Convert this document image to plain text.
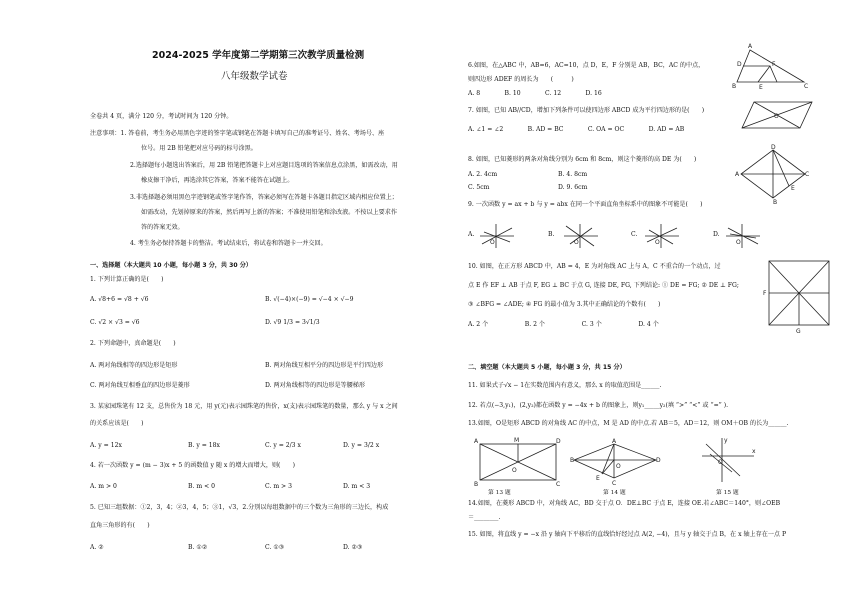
2024-2025 学年度第二学期第三次教学质量检测
八年级数学试卷
全卷共 4 页，满分 120 分，考试时间为 120 分钟。
注意事项：1. 答卷前，考生务必用黑色字迹的签字笔或钢笔在答题卡填写自己的准考证号、姓名、考场号、座
位号。用 2B 铅笔把对应号码的标号涂黑。
2.选择题每小题选出答案后，用 2B 铅笔把答题卡上对应题目选项的答案信息点涂黑，如需改动，用
橡皮擦干净后，再选涂其它答案，答案不能答在试题上。
3.非选择题必须用黑色字迹钢笔或签字笔作答，答案必须写在答题卡各题目指定区域内相应位置上；
如需改动，先划掉原来的答案，然后再写上新的答案；不准使用铅笔和涂改液。不按以上要求作
答的答案无效。
4. 考生务必保持答题卡的整洁。考试结束后，将试卷和答题卡一并交回。
一、选择题（本大题共 10 小题，每小题 3 分，共 30 分）
1. 下列计算正确的是(　　)
A. √8+6 = √8 + √6	B. √(−4)×(−9) = √−4 × √−9
C. √2 × √3 = √6	D. √9 1/3 = 3√1/3
2. 下列命题中，真命题是(　　)
A. 两对角线相等的四边形是矩形	B. 两对角线互相平分的四边形是平行四边形
C. 两对角线互相垂直的四边形是菱形	D. 两对角线相等的四边形是等腰梯形
3. 某家园珠笔有 12 支，总售价为 18 元，用 y(元)表示园珠笔的售价，x(支)表示园珠笔的数量，那么 y 与 x 之间
的关系应该是(　　)
A. y = 12x	B. y = 18x	C. y = 2/3 x	D. y = 3/2 x
4. 若一次函数 y = (m − 3)x + 5 的函数值 y 随 x 的增大而增大，则(　　)
A. m > 0	B. m < 0	C. m > 3	D. m < 3
5. 已知三组数据：①2，3，4；②3，4，5；③1，√3，2.分别以每组数据中的三个数为三角形的三边长，构成
直角三角形的有(　　)
A. ②	B. ①②	C. ①③	D. ②③
6.如图，在△ABC 中，AB=6，AC=10，点 D，E，F 分别是 AB，BC，AC 的中点，
则四边形 ADEF 的周长为　　(　　　)
A. 8　　　　B. 10　　　　C. 12　　　　D. 16
7. 如图，已知 AB//CD，增加下列条件可以使四边形 ABCD 成为平行四边形的是(　　)
A. ∠1 = ∠2　　　　B. AD = BC　　　　C. OA = OC　　　　D. AD = AB
8. 如图，已知菱形的两条对角线分别为 6cm 和 8cm，则这个菱形的高 DE 为(　　)
A. 2. 4cm	B. 4. 8cm
C. 5cm	D. 9. 6cm
9. 一次函数 y = ax + b 与 y = abx 在同一个平面直角坐标系中的图象不可能是(　　)
A.	B.	C.	D.
10. 如图，在正方形 ABCD 中，AB = 4，E 为对角线 AC 上与 A，C 不重合的一个动点，过
点 E 作 EF ⊥ AB 于点 F, EG ⊥ BC 于点 G, 连接 DE, FG, 下列结论: ① DE = FG; ② DE ⊥ FG;
③ ∠BFG = ∠ADE; ④ FG 的最小值为 3.其中正确结论的个数有(　　)
A. 2 个　　　　　　B. 2 个　　　　　　C. 3 个　　　　　　D. 4 个
二、填空题（本大题共 5 小题，每小题 3 分，共 15 分）
11. 如果式子√x − 1在实数范围内有意义，那么 x 的取值范围是______.
12. 若点(−3,y₁)，(2,y₂)都在函数 y = −4x + b 的图象上，则y₁_____y₂(填 “>” “<” 或 “=” ).
13.如图，O是矩形 ABCD 的对角线 AC 的中点，M 是 AD 的中点.若 AB＝5，AD＝12，则 OM＋OB 的长为______.
第 13 题	第 14 题	第 15 题
14.如图，在菱形 ABCD 中，对角线 AC，BD 交于点 O．DE⊥BC 于点 E，连接 OE.若∠ABC＝140°，则∠OEB
＝________.
15. 如图，将直线 y = −x 沿 y 轴向下平移后的直线恰好经过点 A(2, −4)，且与 y 轴交于点 B，在 x 轴上存在一点 P
A
B	C
D	F
E
O
D
B
A	C
E
O	O	O	O
F
G
A	M	D
B	C
O
A
B	D
C
E
O
O
x
y
